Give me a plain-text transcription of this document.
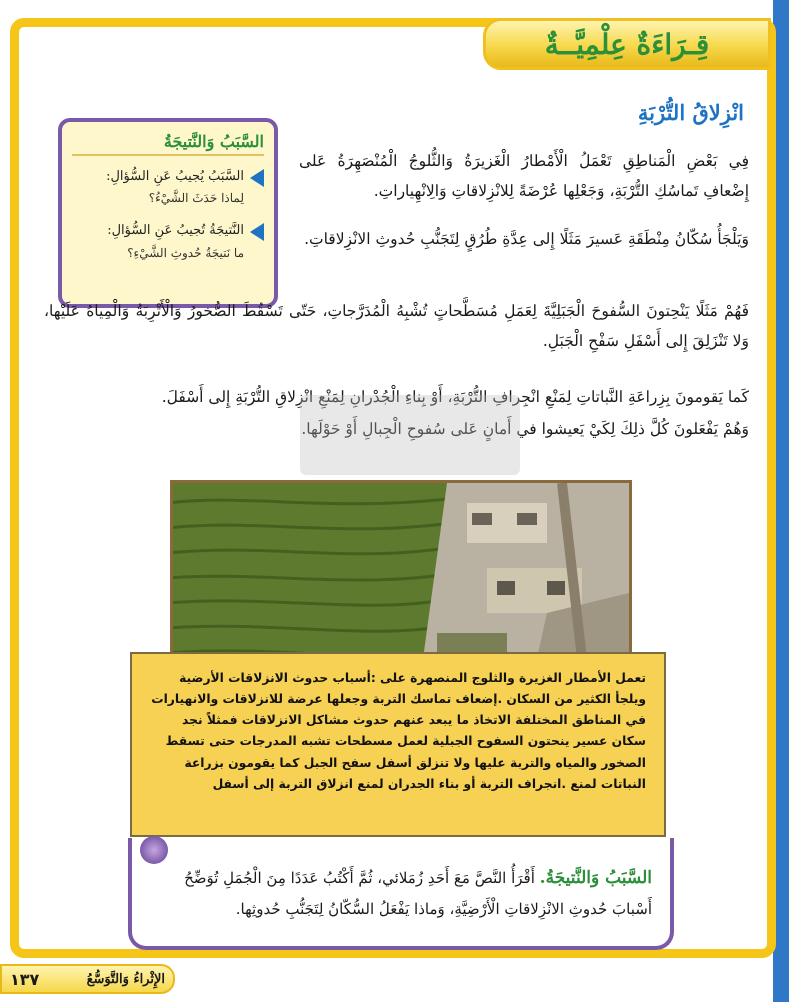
قِـرَاءَةٌ عِلْمِيَّــةٌ
انْزِلاقُ التُّرْبَةِ
السَّبَبُ وَالنَّتيجَةُ
السَّبَبُ يُجيبُ عَنِ السُّؤالِ:
لِماذا حَدَثَ الشَّيْءُ؟
النَّتيجَةُ تُجيبُ عَنِ السُّؤالِ:
ما نَتيجَةُ حُدوثِ الشَّيْءِ؟

فِي بَعْضِ الْمَناطِقِ تَعْمَلُ الْأَمْطارُ الْغَزيرَةُ وَالثُّلوجُ الْمُنْصَهِرَةُ عَلى إِضْعافِ تَماسُكِ التُّرْبَةِ، وَجَعْلِها عُرْضَةً لِلانْزِلاقاتِ وَالِانْهِياراتِ.

وَيَلْجَأُ سُكّانُ مِنْطَقَةِ عَسيرَ مَثَلًا إِلى عِدَّةِ طُرُقٍ لِتَجَنُّبِ حُدوثِ الانْزِلاقاتِ.

فَهُمْ مَثَلًا يَنْحِتونَ السُّفوحَ الْجَبَلِيَّةَ لِعَمَلِ مُسَطَّحاتٍ تُشْبِهُ الْمُدَرَّجاتِ، حَتّى تَسْقُطَ الصُّخورُ وَالْأَتْرِبَةُ وَالْمِياهُ عَلَيْها، وَلا تَنْزَلِقَ إِلى أَسْفَلِ سَفْحِ الْجَبَلِ.

كَما يَقومونَ بِزِراعَةِ النَّباتاتِ لِمَنْعِ انْجِرافِ التُّرْبَةِ، أَوْ بِناءِ الْجُدْرانِ لِمَنْعِ انْزِلاقِ التُّرْبَةِ إِلى أَسْفَلَ.

وَهُمْ يَفْعَلونَ كُلَّ ذلِكَ لِكَيْ يَعيشوا في أَمانٍ عَلى سُفوحِ الْجِبالِ أَوْ حَوْلَها.

تعمل الأمطار الغزيرة والثلوج المنصهرة على :أسباب حدوث الانزلاقات الأرضية ويلجأ الكثير من السكان .إضعاف تماسك التربة وجعلها عرضة للانزلاقات والانهيارات في المناطق المختلفة الاتخاذ ما يبعد عنهم حدوث مشاكل الانزلاقات فمثلاً نجد سكان عسير ينحتون السفوح الجبلية لعمل مسطحات تشبه المدرجات حتى تسقط الصخور والمياه والتربة عليها ولا تنزلق أسفل سفح الجبل كما يقومون بزراعة النباتات لمنع .انجراف التربة أو بناء الجدران لمنع انزلاق التربة إلى أسفل

السَّبَبُ وَالنَّتيجَةُ. أَقْرَأُ النَّصَّ مَعَ أَحَدِ زُمَلائي، ثُمَّ أَكْتُبُ عَدَدًا مِنَ الْجُمَلِ تُوَضِّحُ أَسْبابَ حُدوثِ الانْزِلاقاتِ الْأَرْضِيَّةِ، وَماذا يَفْعَلُ السُّكّانُ لِتَجَنُّبِ حُدوثِها.

الإِثْراءُ وَالتَّوَسُّعُ
١٣٧
